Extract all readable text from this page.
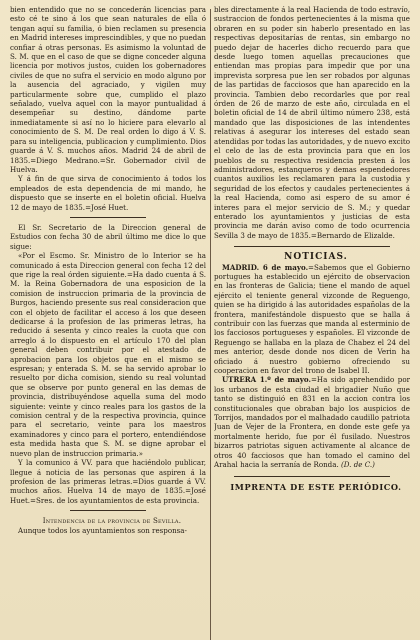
bien entendido que no se concederán licencias para esto cé te sino á los que sean naturales de ella ó tengan aquí su familia, ó bien reclamen su presencia en Madrid intereses imprescindibles, y que no puedan confiar á otras personas. Es asimismo la voluntad de S. M. que en el caso de que se digne conceder alguna licencia por motivos justos, cuiden los gobernadores civiles de que no sufra el servicio en modo alguno por la ausencia del agraciado, y vigilen muy particularmente sobre que, cumplido el plazo señalado, vuelva aquel con la mayor puntualidad á desempeñar su destino, dándome parte inmediatamente si así no lo hiciere para elevarlo al conocimiento de S. M. De real orden lo digo á V. S. para su inteligencia, publicacion y cumplimiento. Dios guarde á V. S. muchos años. Madrid 24 de abril de 1835.=Diego Medrano.=Sr. Gobernador civil de Huelva.

Y á fin de que sirva de conocimiento á todos los empleados de esta dependencia de mi mando, he dispuesto que se inserte en el boletin oficial. Huelva 12 de mayo de 1835.=José Huet.

El Sr. Secretario de la Direccion general de Estudios con fecha 30 de abril último me dice lo que sigue:

«Por el Escmo. Sr. Ministro de lo Interior se ha comunicado á esta Direccion general con fecha 12 del que rige la real órden siguiente.=Ha dado cuenta á S. M. la Reina Gobernadora de una esposicion de la comision de instruccion primaria de la provincia de Burgos, haciendo presente sus real consideracion que con el objeto de facilitar el acceso á los que deseen dedicarse á la profesion de las primeras letras, ha reducido á sesenta y cinco reales la cuota que con arreglo á lo dispuesto en el artículo 170 del plan general deben contribuir por el atestado de aprobacion para los objetos que en el mismo se espresan; y enterada S. M. se ha servido aprobar lo resuelto por dicha comision, siendo su real voluntad que se observe por punto general en las demas de provincia, distribuyéndose aquella suma del modo siguiente: veinte y cinco reales para los gastos de la comision central y de la respectiva provincia, quince para el secretario, veinte para los maestros examinadores y cinco para el portero, entendiéndose esta medida hasta que S. M. se digne aprobar el nuevo plan de instruccion primaria.»

Y la comunico á VV. para que haciéndolo publicar, llegue á noticia de las personas que aspiren á la profesion de las primeras letras.=Dios guarde á VV. muchos años. Huelva 14 de mayo de 1835.=José Huet.=Sres. de los ayuntamientos de esta provincia.

Intendencia de la provincia de Sevilla.

Aunque todos los ayuntamientos son responsa-

bles directamente á la real Hacienda de todo estravío, sustraccion de fondos pertenecientes á la misma que obraren en su poder sin haberlo presentado en las respectivas depositarías de rentas, sin embargo no puedo dejar de hacerles dicho recuerdo para que desde luego tomen aquellas precauciones que entiendan mas propias para impedir que por una imprevista sorpresa pue len ser robados por algunas de las partidas de facciosos que han aparecido en la provincia. Tambien debo recordarles que por real órden de 26 de marzo de este año, circulada en el boletin oficial de 14 de abril último número 238, está mandado que las disposiciones de las intendentes relativas á asegurar los intereses del estado sean atendidas por todas las autoridades, y de nuevo excito el celo de las de esta provincia para que en los pueblos de su respectiva residencia presten á los administradores, estanqueros y demas espendedores cuantos auxilios les reclamaren para la custodia y seguridad de los efectos y caudales pertenecientes á la real Hacienda, como asi espero de su amor é interes para el mejor servicio de S. M.; y quedar enterado los ayuntamientos y justicias de esta provincia me darán aviso como de todo ocurrencia Sevilla 3 de mayo de 1835.=Bernardo de Elizalde.

NOTICIAS.

MADRID. 6 de mayo.=Sabemos que el Gobierno portugues ha establecido un ejército de observacion en las fronteras de Galicia; tiene el mando de aquel ejército el teniente general vizconde de Reguengo, quien se ha dirigido á las autoridades españolas de la frontera, manifestándole dispuesto que se halla á contribuir con las fuerzas que manda al esterminio de los facciosos portugueses y españoles. El vizconde de Reguengo se hallaba en la plaza de Chabez el 24 del mes anterior, desde donde nos dicen de Verin ha oficiado á nuestro gobierno ofreciendo su cooperacion en favor del trono de Isabel II.

UTRERA 1.º de mayo.=Ha sido aprehendido por los urbanos de esta ciudad el brigadier Nuño que tanto se distinguió en 831 en la accion contra los constitucionales que obraban bajo los auspicios de Torrijos, mandados por el malhadado caudillo patriota Juan de Vejer de la Frontera, en donde este gefe ya mortalmente herido, fue por él fusilado. Nuestros bizarros patriotas siguen activamente al alcance de otros 40 facciosos que han tomado el camino del Arahal hacia la serranía de Ronda. (D. de C.)

IMPRENTA DE ESTE PERIÓDICO.
